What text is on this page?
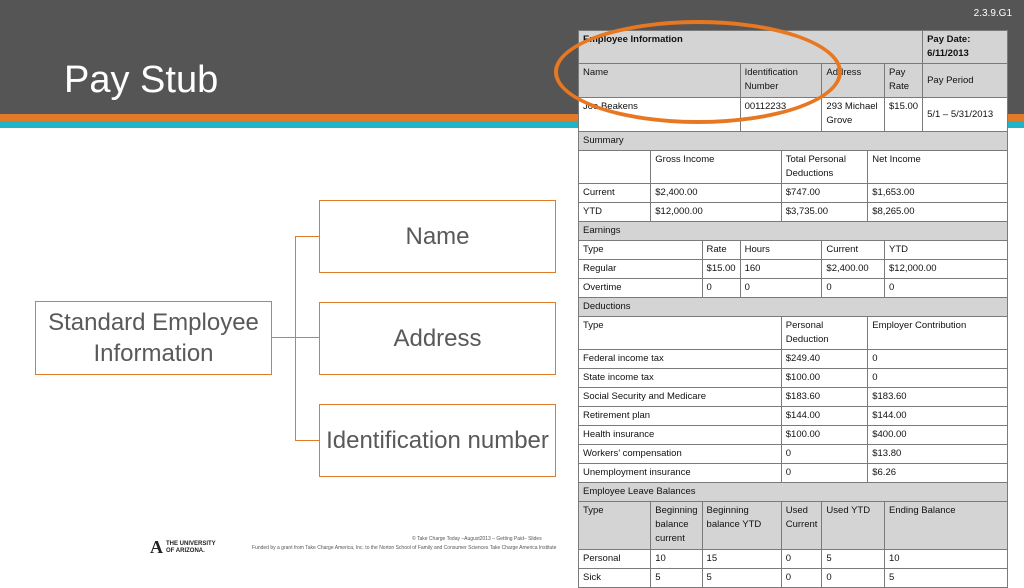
2.3.9.G1
Pay Stub
Standard Employee Information
Name
Address
Identification number
Employee Information								Pay Date: 6/11/2013
Name			Identification Number		Address		Pay Rate	Pay Period
Joe Beakens			00112233		293 Michael Grove		$15.00	5/1 – 5/31/2013
Summary								
	Gross Income			Total Personal Deductions		Net Income		
Current	$2,400.00			$747.00		$1,653.00		
YTD	$12,000.00			$3,735.00		$8,265.00		
Earnings								
Type		Rate	Hours		Current		YTD	
Regular		$15.00	160		$2,400.00		$12,000.00	
Overtime		0	0		0		0	
Deductions								
Type				Personal Deduction		Employer Contribution		
Federal income tax				$249.40		0		
State income tax				$100.00		0		
Social Security and Medicare				$183.60		$183.60		
Retirement plan				$144.00		$144.00		
Health insurance				$100.00		$400.00		
Workers’ compensation				0		$13.80		
Unemployment insurance				0		$6.26		
Employee Leave Balances								
Type	Beginning balance current	Beginning balance YTD		Used Current	Used YTD		Ending Balance	
Personal	10	15		0	5		10	
Sick	5	5		0	0		5	
A THE UNIVERSITY
OF ARIZONA.
© Take Charge Today –August2013 – Getting Paid– Slides
Funded by a grant from Take Charge America, Inc. to the Norton School of Family and Consumer Sciences Take Charge America Institute
